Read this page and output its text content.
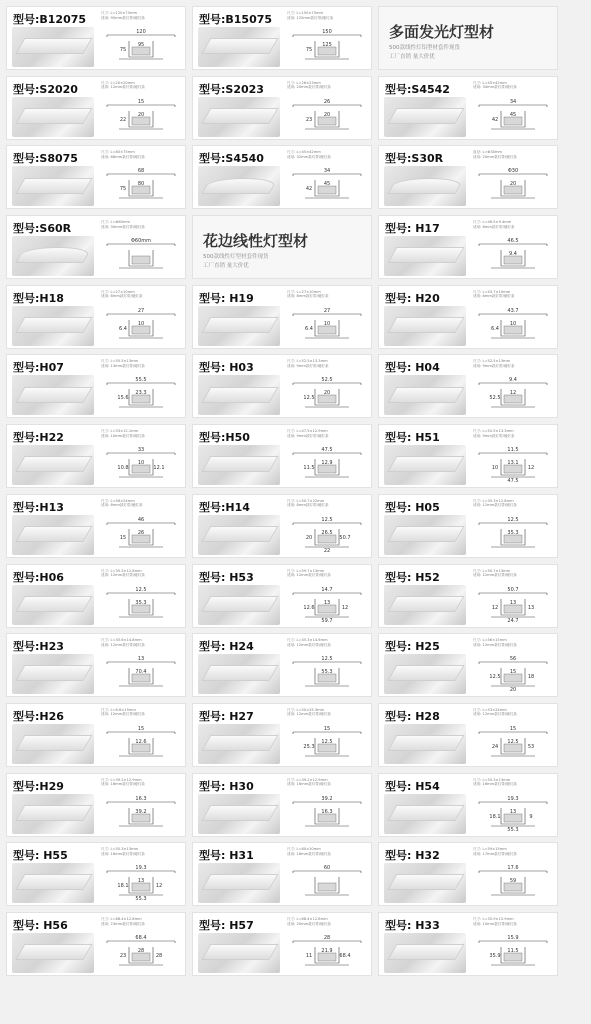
型号:B12075	尺寸: L=120×75mm
适用: 95mm款灯带/硬灯条
120
95
75
型号:B15075	尺寸: L=150×75mm
适用: 125mm款灯带/硬灯条
150
125
75
多面发光灯型材
500款线性灯铝型材套件现货
工厂直销 量大价优
型号:S2020	尺寸: L=20×20mm
适用: 12mm款灯带/硬灯条
15
20
22
型号:S2023	尺寸: L=26×23mm
适用: 20mm款灯带/硬灯条
26
20
23
型号:S4542	尺寸: L=45×42mm
适用: 34mm款灯带/硬灯条
34
45
42
型号:S8075	尺寸: L=80×75mm
适用: 68mm款灯带/硬灯条
68
80
75
型号:S4540	尺寸: L=45×42mm
适用: 32mm款灯带/硬灯条
34
45
42
型号:S30R	直径: L=Φ30mm
适用: 20mm款灯带/硬灯条
Φ30
20
型号:S60R	尺寸: L=Φ60mm
适用: 30mm款灯带/硬灯条
Φ60mm	花边线性灯型材
500款线性灯型材套件现货
工厂直销 量大价优
型号: H17	尺寸: L=46.5×9.4mm
适用: 8mm款灯带/硬灯条
46.5
9.4
型号:H18	尺寸: L=27×10mm
适用: 8mm款灯带/硬灯条
27
10
6.4
型号: H19	尺寸: L=27×10mm
适用: 8mm款灯带/硬灯条
27
10
6.4
型号: H20	尺寸: L=43.7×10mm
适用: 8mm款灯带/硬灯条
43.7
10
6.4
型号:H07	尺寸: L=55.5×13mm
适用: 13mm款灯带/硬灯条
55.5
23.3
15.6
型号: H03	尺寸: L=52.5×13.3mm
适用: 9mm款灯带/硬灯条
52.5
20
12.5
型号: H04	尺寸: L=52.5×13mm
适用: 9mm款灯带/硬灯条
9.4
12
52.5
型号:H22	尺寸: L=33×12.1mm
适用: 10mm款灯带/硬灯条
33
10
10.8	12.1
型号:H50	尺寸: L=47.5×12.9mm
适用: 9mm款灯带/硬灯条
47.5
12.9
11.5
型号: H51	尺寸: L=52.5×13.3mm
适用: 9mm款灯带/硬灯条
11.5
13.1
10	12
47.5
型号:H13	尺寸: L=46×24mm
适用: 8mm款灯带/硬灯条
46
26
15
型号:H14	尺寸: L=50.7×22mm
适用: 8mm款灯带/硬灯条
12.5
26.5
20	50.7
22
型号: H05	尺寸: L=35.3×12.8mm
适用: 12mm款灯带/硬灯条
12.5
35.3
型号:H06	尺寸: L=35.3×12.8mm
适用: 12mm款灯带/硬灯条
12.5
35.3
型号: H53	尺寸: L=59.7×13mm
适用: 12mm款灯带/硬灯条
14.7
13
12.6	12
59.7
型号: H52	尺寸: L=50.7×13mm
适用: 12mm款灯带/硬灯条
50.7
13
12	13
24.7
型号:H23	尺寸: L=35.6×14.8mm
适用: 12mm款灯带/硬灯条
13
70.4
型号: H24	尺寸: L=35.3×14.6mm
适用: 12mm款灯带/硬灯条
12.5
55.3
型号: H25	尺寸: L=56×15mm
适用: 12mm款灯带/硬灯条
56
15
12.5	18
20
型号:H26	尺寸: L=6.6×15mm
适用: 12mm款灯带/硬灯条
15
12.6
型号: H27	尺寸: L=50×25.3mm
适用: 12mm款灯带/硬灯条
15
12.5
25.3
型号: H28	尺寸: L=53×24mm
适用: 12mm款灯带/硬灯条
15
12.5
24	53
型号:H29	尺寸: L=39.2×12.9mm
适用: 16mm款灯带/硬灯条
16.3
39.2
型号: H30	尺寸: L=39.2×12.9mm
适用: 16mm款灯带/硬灯条
39.2
16.3
型号: H54	尺寸: L=55.3×13mm
适用: 16mm款灯带/硬灯条
19.3
13
18.1	9
55.3
型号: H55	尺寸: L=55.3×13mm
适用: 16mm款灯带/硬灯条
19.3
13
18.1	12
55.3
型号: H31	尺寸: L=60×10mm
适用: 18mm款灯带/硬灯条
60
型号: H32	尺寸: L=59×15mm
适用: 17mm款灯带/硬灯条
17.6
59
型号: H56	尺寸: L=68.4×12.8mm
适用: 23mm款灯带/硬灯条
68.4
28
23	28
型号: H57	尺寸: L=68.4×12.8mm
适用: 20mm款灯带/硬灯条
28
21.9
11	68.4
型号: H33	尺寸: L=35.9×15.9mm
适用: 10mm款灯带/硬灯条
15.9
11.5
35.9
